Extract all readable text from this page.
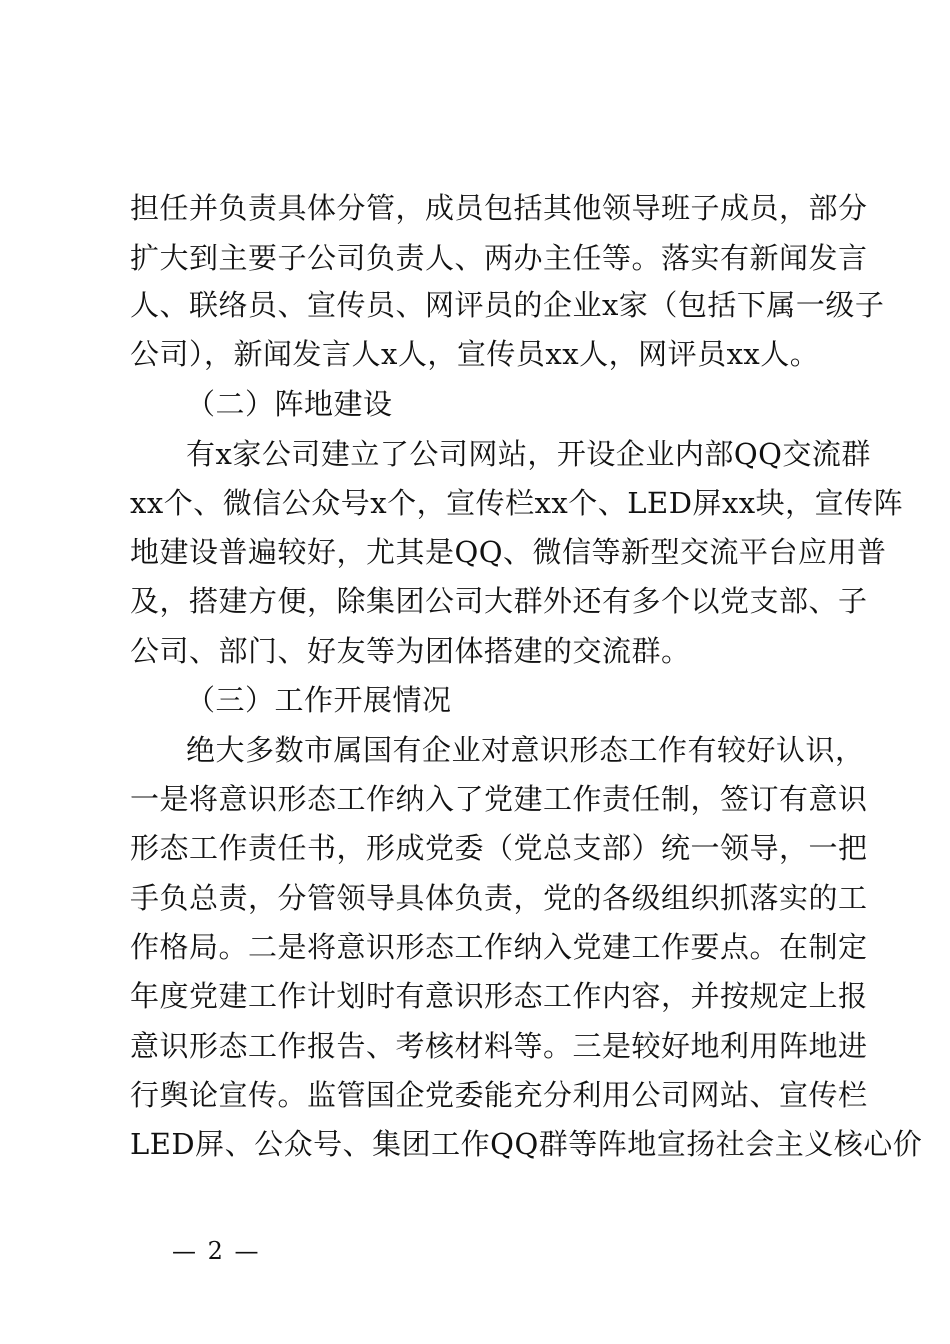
担任并负责具体分管，成员包括其他领导班子成员，部分
扩大到主要子公司负责人、两办主任等。落实有新闻发言
人、联络员、宣传员、网评员的企业x家（包括下属一级子
公司），新闻发言人x人，宣传员xx人，网评员xx人。
（二）阵地建设
有x家公司建立了公司网站，开设企业内部QQ交流群
xx个、微信公众号x个，宣传栏xx个、LED屏xx块，宣传阵
地建设普遍较好，尤其是QQ、微信等新型交流平台应用普
及，搭建方便，除集团公司大群外还有多个以党支部、子
公司、部门、好友等为团体搭建的交流群。
（三）工作开展情况
绝大多数市属国有企业对意识形态工作有较好认识，
一是将意识形态工作纳入了党建工作责任制，签订有意识
形态工作责任书，形成党委（党总支部）统一领导，一把
手负总责，分管领导具体负责，党的各级组织抓落实的工
作格局。二是将意识形态工作纳入党建工作要点。在制定
年度党建工作计划时有意识形态工作内容，并按规定上报
意识形态工作报告、考核材料等。三是较好地利用阵地进
行舆论宣传。监管国企党委能充分利用公司网站、宣传栏
LED屏、公众号、集团工作QQ群等阵地宣扬社会主义核心价
— 2 —
